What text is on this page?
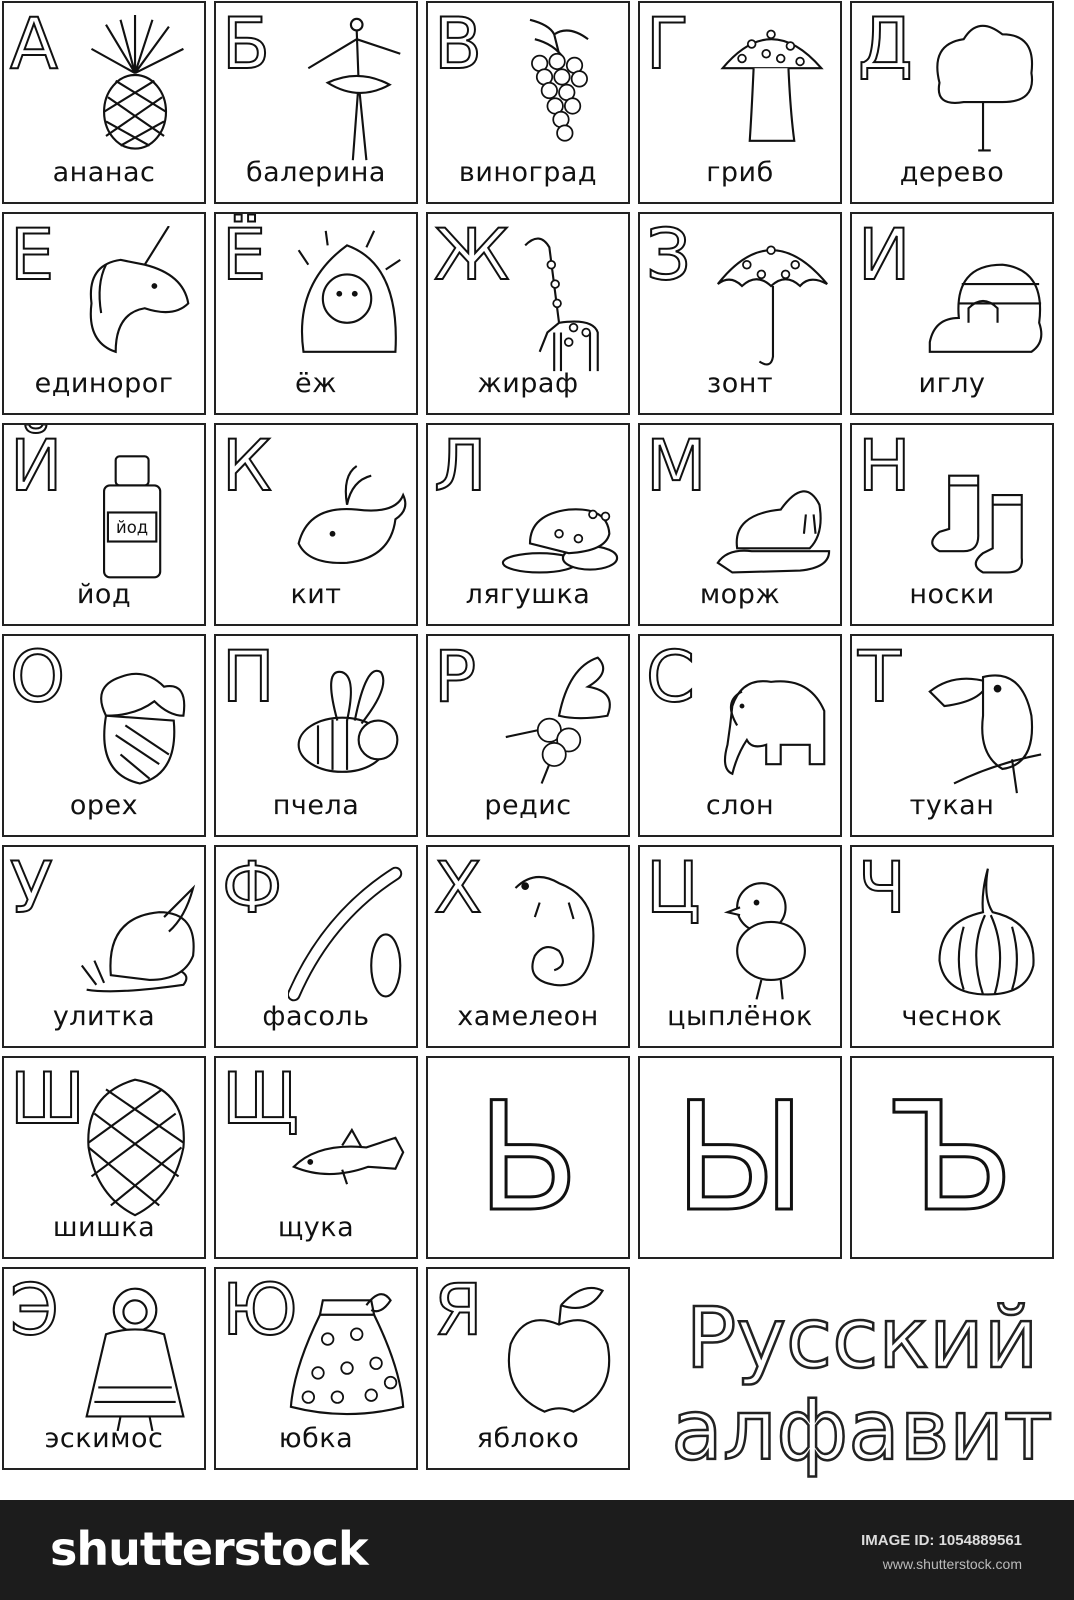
А
ананас
Б
балерина
В
виноград
Г
гриб
Д
дерево
Е
единорог
Ё
ёж
Ж
жираф
З
зонт
И
иглу
Й
йод
йод
К
кит
Л
лягушка
М
морж
Н
носки
О
орех
П
пчела
Р
редис
С
слон
Т
тукан
У
улитка
Ф
фасоль
Х
хамелеон
Ц
цыплёнок
Ч
чеснок
Ш
шишка
Щ
щука Ь Ы Ъ
Э
эскимос
Ю
юбка
Я
яблоко
Русский
алфавит
shutterstock	IMAGE ID: 1054889561
www.shutterstock.com
